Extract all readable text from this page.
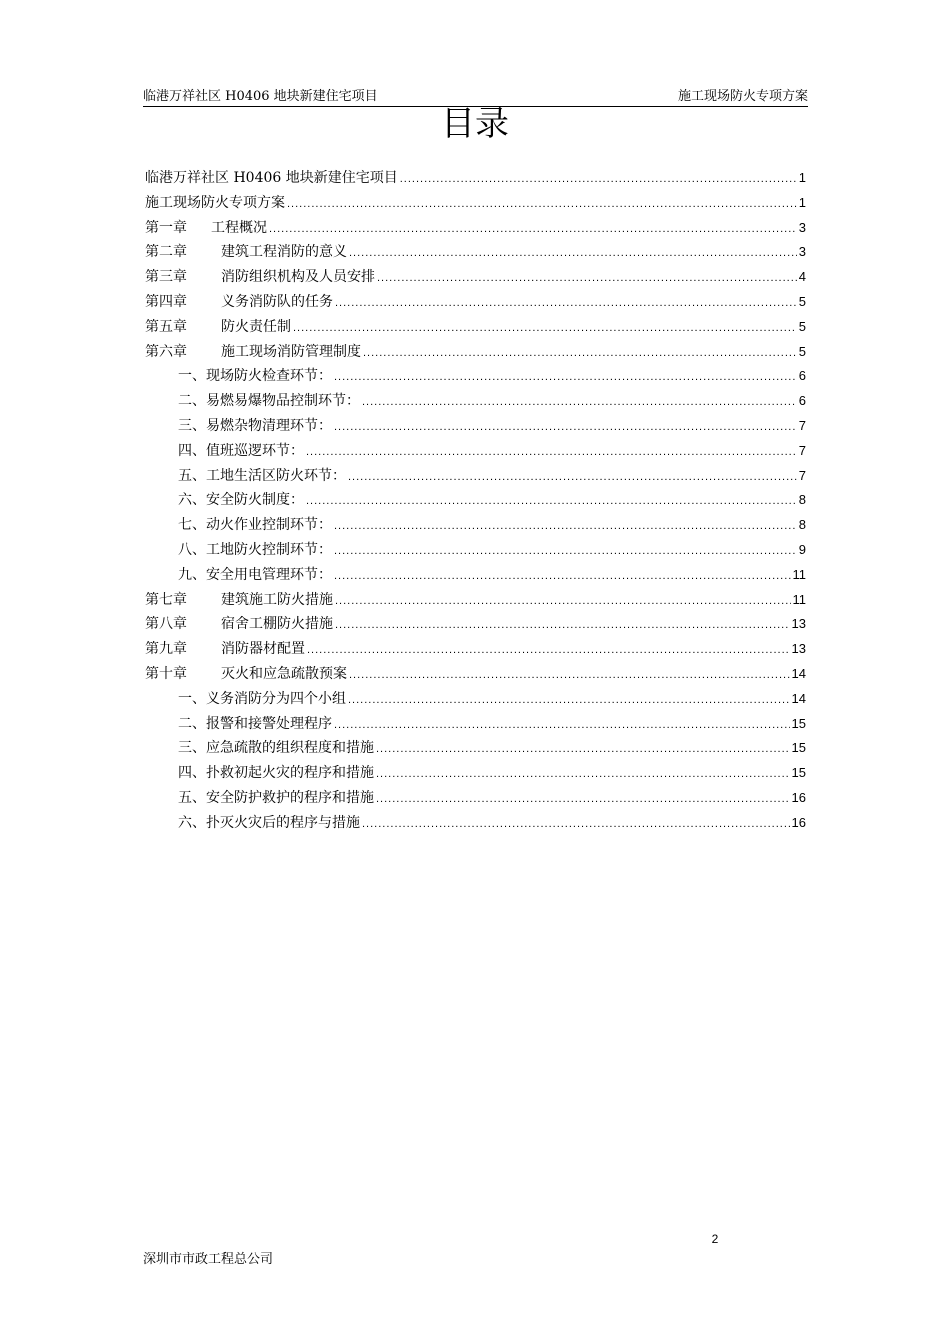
临港万祥社区 H0406 地块新建住宅项目	施工现场防火专项方案
目录
临港万祥社区 H0406 地块新建住宅项目 .....	1
施工现场防火专项方案 .....	1
第一章	工程概况 .....	3
第二章	建筑工程消防的意义 .....	3
第三章	消防组织机构及人员安排 .....	4
第四章	义务消防队的任务 .....	5
第五章	防火责任制 .....	5
第六章	施工现场消防管理制度 .....	5
一、现场防火检查环节： .....	6
二、易燃易爆物品控制环节： .....	6
三、易燃杂物清理环节： .....	7
四、值班巡逻环节： .....	7
五、工地生活区防火环节： .....	7
六、安全防火制度： .....	8
七、动火作业控制环节： .....	8
八、工地防火控制环节： .....	9
九、安全用电管理环节： .....	11
第七章	建筑施工防火措施 .....	11
第八章	宿舍工棚防火措施 .....	13
第九章	消防器材配置 .....	13
第十章	灭火和应急疏散预案 .....	14
一、义务消防分为四个小组 .....	14
二、报警和接警处理程序 .....	15
三、应急疏散的组织程度和措施 .....	15
四、扑救初起火灾的程序和措施 .....	15
五、安全防护救护的程序和措施 .....	16
六、扑灭火灾后的程序与措施 .....	16
2
深圳市市政工程总公司
